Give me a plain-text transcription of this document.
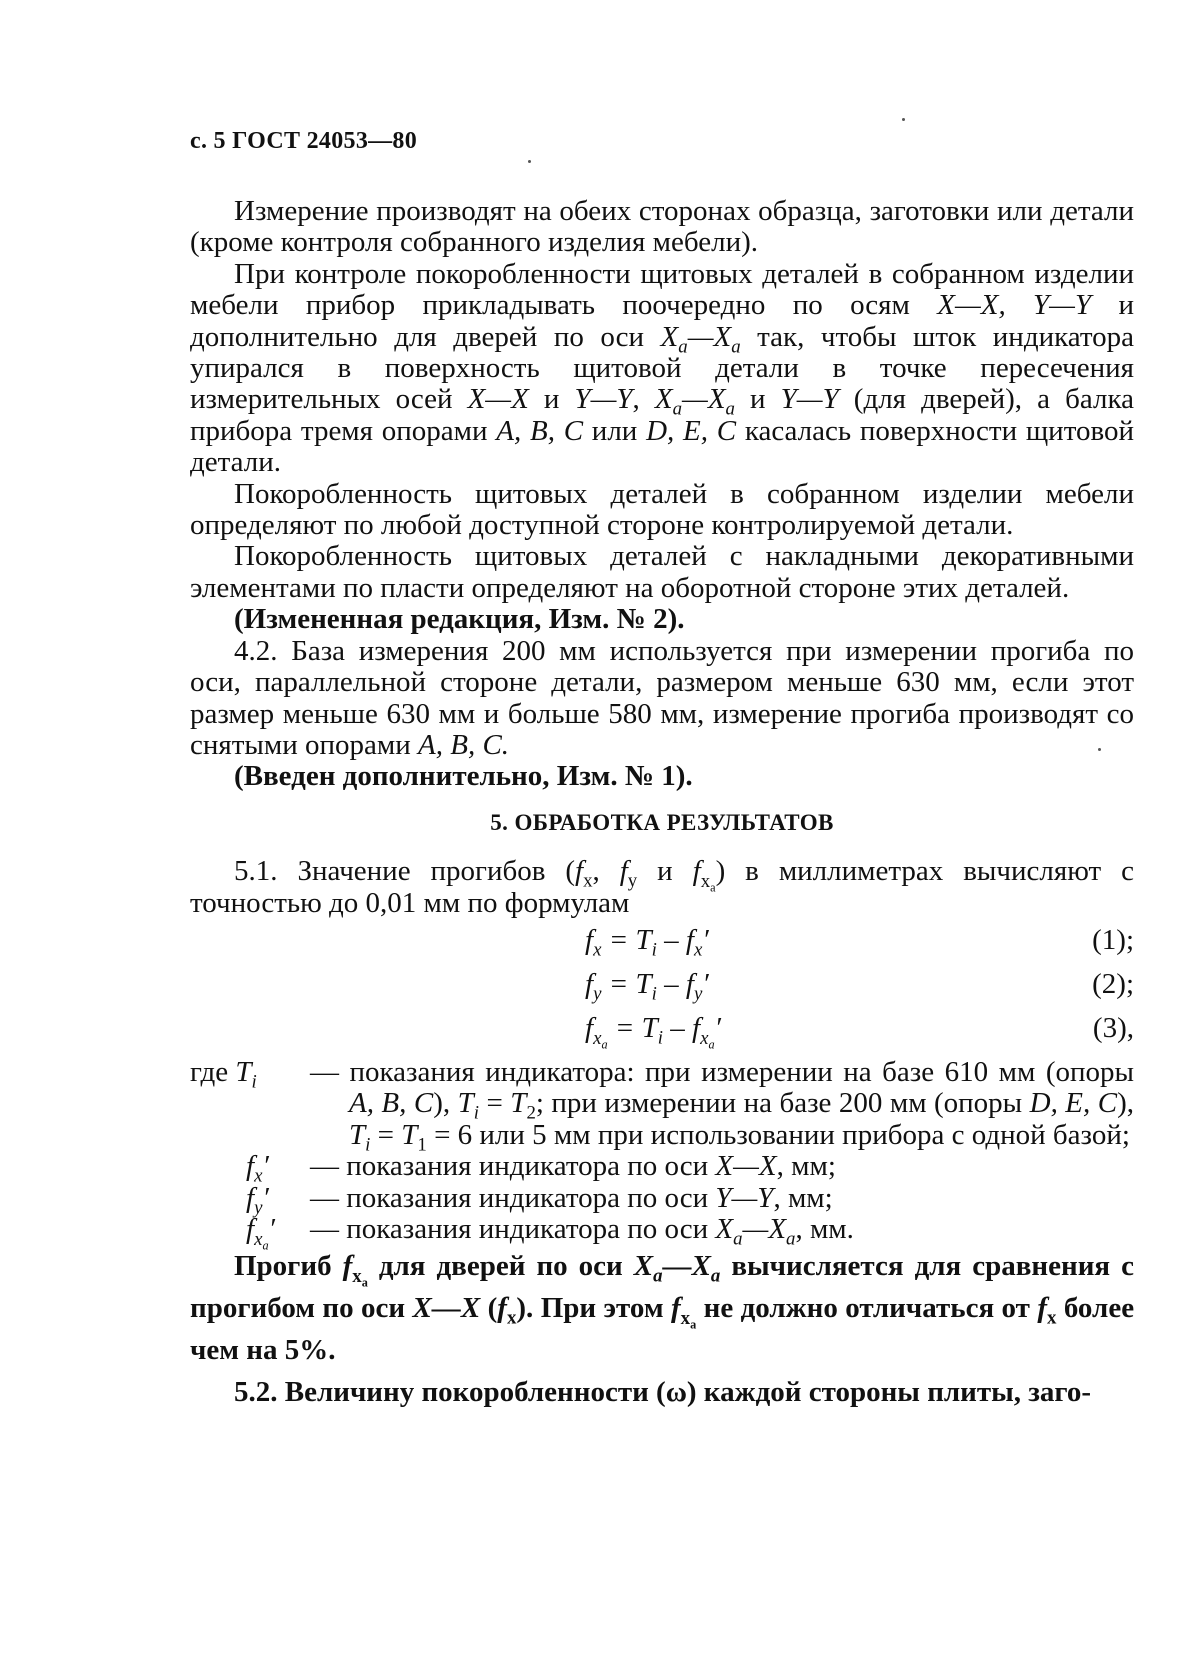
с. 5 ГОСТ 24053—80

Измерение производят на обеих сторонах образца, заготовки или детали (кроме контроля собранного изделия мебели).

При контроле покоробленности щитовых деталей в собранном изделии мебели прибор прикладывать поочередно по осям X—X, Y—Y и дополнительно для дверей по оси $X_a—X_a$ так, чтобы шток индикатора упирался в поверхность щитовой детали в точке пересечения измерительных осей X—X и Y—Y, $X_a—X_a$ и Y—Y (для дверей), а балка прибора тремя опорами A, B, C или D, E, C касалась поверхности щитовой детали.

Покоробленность щитовых деталей в собранном изделии мебели определяют по любой доступной стороне контролируемой детали.

Покоробленность щитовых деталей с накладными декоративными элементами по пласти определяют на оборотной стороне этих деталей.

(Измененная редакция, Изм. № 2).

4.2. База измерения 200 мм используется при измерении прогиба по оси, параллельной стороне детали, размером меньше 630 мм, если этот размер меньше 630 мм и больше 580 мм, измерение прогиба производят со снятыми опорами A, B, C.

(Введен дополнительно, Изм. № 1).

5. ОБРАБОТКА РЕЗУЛЬТАТОВ

5.1. Значение прогибов ($f_x$, $f_y$ и $f_{x_a}$) в миллиметрах вычисляют с точностью до 0,01 мм по формулам

$f_x = T_i - f_x'$	(1);
$f_y = T_i - f_y'$	(2);
$f_{x_a} = T_i - f_{x_a}'$	(3),
где $T_i$	— показания индикатора: при измерении на базе 610 мм (опоры A, B, C), $T_i = T_2$; при измерении на базе 200 мм (опоры D, E, C), $T_i = T_1 = 6$ или 5 мм при использовании прибора с одной базой;
$f_x'$	— показания индикатора по оси X—X, мм;
$f_y'$	— показания индикатора по оси Y—Y, мм;
$f_{x_a}'$	— показания индикатора по оси $X_a—X_a$, мм.

Прогиб $f_{x_a}$ для дверей по оси $X_a—X_a$ вычисляется для сравнения с прогибом по оси X—X $(f_x)$. При этом $f_{x_a}$ не должно отличаться от $f_x$ более чем на 5%.

5.2. Величину покоробленности (ω) каждой стороны плиты, заго-
